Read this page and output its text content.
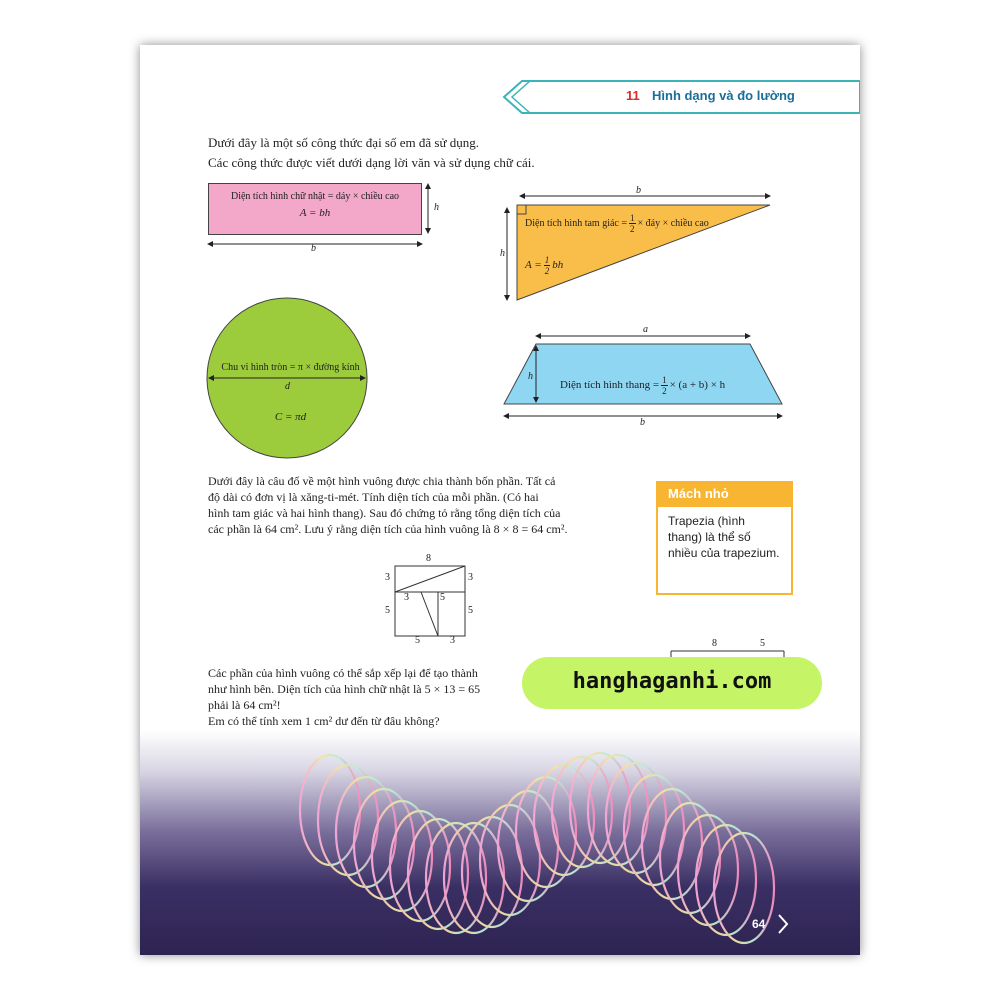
11 Hình dạng và đo lường
Dưới đây là một số công thức đại số em đã sử dụng.
Các công thức được viết dưới dạng lời văn và sử dụng chữ cái.
Diện tích hình chữ nhật = dáy × chiều cao
A = bh	h
b
b
h
Diện tích hình tam giác = $\frac{1}{2}$ × đáy × chiều cao
$A = \frac{1}{2}$ bh
Chu vi hình tròn = π × đường kính
d
C = πd
a
h
b
Diện tích hình thang = $\frac{1}{2} \times (a + b) \times h$
Dưới đây là câu đố về một hình vuông được chia thành bốn phần. Tất cả
độ dài có đơn vị là xăng-ti-mét. Tính diện tích của mỗi phần. (Có hai
hình tam giác và hai hình thang). Sau đó chứng tỏ rằng tổng diện tích của
các phần là 64 cm². Lưu ý rằng diện tích của hình vuông là 8 × 8 = 64 cm².
Mách nhỏ
Trapezia (hình thang) là thể số nhiều của trapezium.
8
3	3
3	5
5	5
5	3	8	5
Các phần của hình vuông có thể sắp xếp lại để tạo thành
như hình bên. Diện tích của hình chữ nhật là 5 × 13 = 65
phải là 64 cm²!
Em có thể tính xem 1 cm² dư đến từ đâu không?
hanghaganhi.com
64
